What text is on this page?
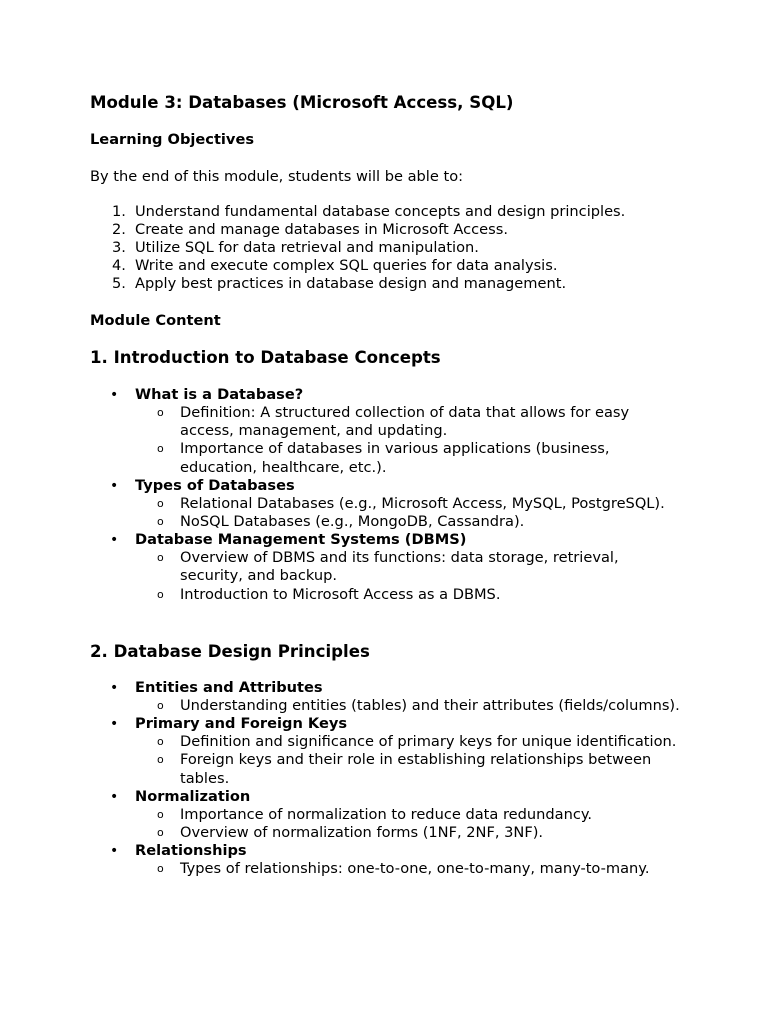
Module 3: Databases (Microsoft Access, SQL)
Learning Objectives
By the end of this module, students will be able to:
1. Understand fundamental database concepts and design principles.
2. Create and manage databases in Microsoft Access.
3. Utilize SQL for data retrieval and manipulation.
4. Write and execute complex SQL queries for data analysis.
5. Apply best practices in database design and management.
Module Content
1. Introduction to Database Concepts
• What is a Database?
o Definition: A structured collection of data that allows for easy access, management, and updating.
o Importance of databases in various applications (business, education, healthcare, etc.).
• Types of Databases
o Relational Databases (e.g., Microsoft Access, MySQL, PostgreSQL).
o NoSQL Databases (e.g., MongoDB, Cassandra).
• Database Management Systems (DBMS)
o Overview of DBMS and its functions: data storage, retrieval, security, and backup.
o Introduction to Microsoft Access as a DBMS.
2. Database Design Principles
• Entities and Attributes
o Understanding entities (tables) and their attributes (fields/columns).
• Primary and Foreign Keys
o Definition and significance of primary keys for unique identification.
o Foreign keys and their role in establishing relationships between tables.
• Normalization
o Importance of normalization to reduce data redundancy.
o Overview of normalization forms (1NF, 2NF, 3NF).
• Relationships
o Types of relationships: one-to-one, one-to-many, many-to-many.
